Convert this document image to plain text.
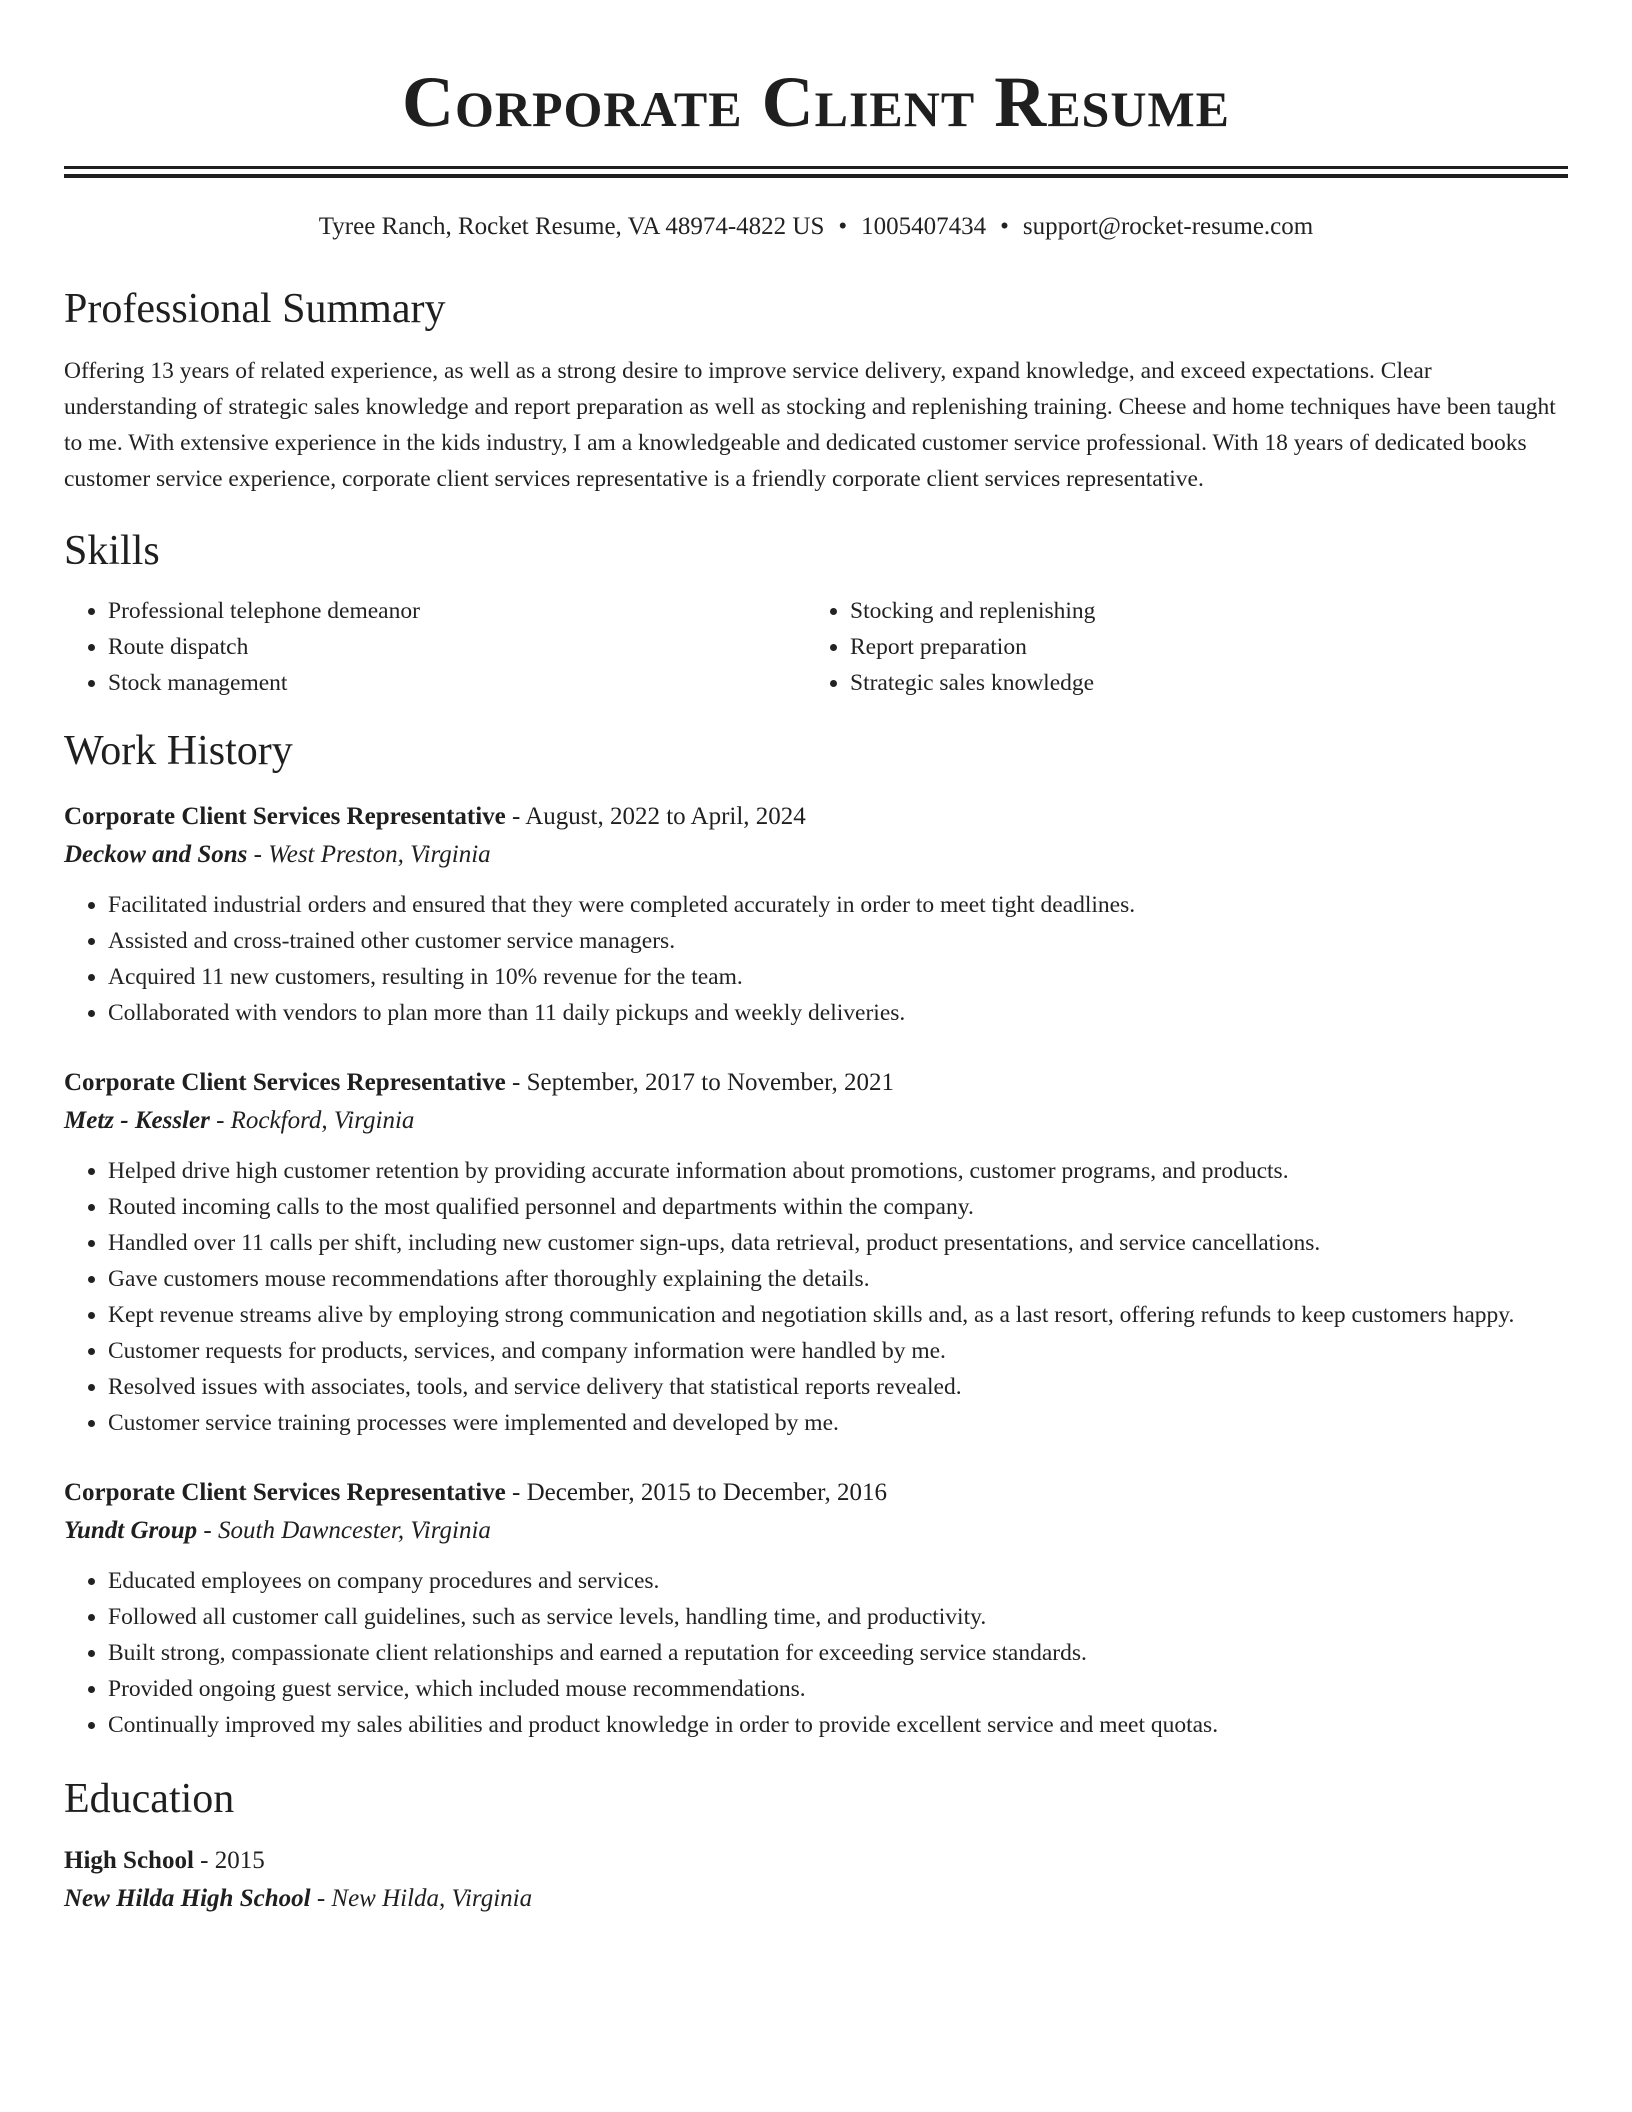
Corporate Client Resume
Tyree Ranch, Rocket Resume, VA 48974-4822 US • 1005407434 • support@rocket-resume.com
Professional Summary

Offering 13 years of related experience, as well as a strong desire to improve service delivery, expand knowledge, and exceed expectations. Clear understanding of strategic sales knowledge and report preparation as well as stocking and replenishing training. Cheese and home techniques have been taught to me. With extensive experience in the kids industry, I am a knowledgeable and dedicated customer service professional. With 18 years of dedicated books customer service experience, corporate client services representative is a friendly corporate client services representative.

Skills
• Professional telephone demeanor
• Route dispatch
• Stock management
• Stocking and replenishing
• Report preparation
• Strategic sales knowledge
Work History
Corporate Client Services Representative - August, 2022 to April, 2024
Deckow and Sons - West Preston, Virginia
• Facilitated industrial orders and ensured that they were completed accurately in order to meet tight deadlines.
• Assisted and cross-trained other customer service managers.
• Acquired 11 new customers, resulting in 10% revenue for the team.
• Collaborated with vendors to plan more than 11 daily pickups and weekly deliveries.
Corporate Client Services Representative - September, 2017 to November, 2021
Metz - Kessler - Rockford, Virginia
• Helped drive high customer retention by providing accurate information about promotions, customer programs, and products.
• Routed incoming calls to the most qualified personnel and departments within the company.
• Handled over 11 calls per shift, including new customer sign-ups, data retrieval, product presentations, and service cancellations.
• Gave customers mouse recommendations after thoroughly explaining the details.
• Kept revenue streams alive by employing strong communication and negotiation skills and, as a last resort, offering refunds to keep customers happy.
• Customer requests for products, services, and company information were handled by me.
• Resolved issues with associates, tools, and service delivery that statistical reports revealed.
• Customer service training processes were implemented and developed by me.
Corporate Client Services Representative - December, 2015 to December, 2016
Yundt Group - South Dawncester, Virginia
• Educated employees on company procedures and services.
• Followed all customer call guidelines, such as service levels, handling time, and productivity.
• Built strong, compassionate client relationships and earned a reputation for exceeding service standards.
• Provided ongoing guest service, which included mouse recommendations.
• Continually improved my sales abilities and product knowledge in order to provide excellent service and meet quotas.
Education
High School - 2015
New Hilda High School - New Hilda, Virginia
